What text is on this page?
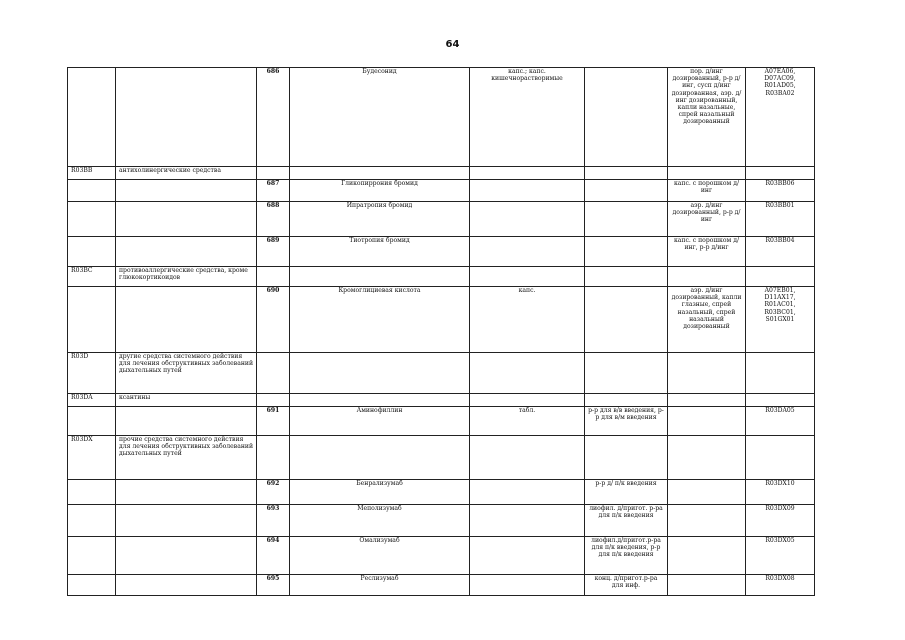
64
		686	Будесонид	капс.; капс. кишечнорастворимые		пор. д/инг дозированный, р-р д/инг, сусп д/инг дозированная, аэр. д/инг дозированный, капли назальные, спрей назальный дозированный	A07EA06, D07AC09, R01AD05, R03BA02
R03BB	антихолинергические средства						
		687	Гликопиррония бромид			капс. с порошком д/инг	R03BB06
		688	Ипратропия бромид			аэр. д/инг дозированный, р-р д/инг	R03BB01
		689	Тиотропия бромид			капс. с порошком д/инг, р-р д/инг	R03BB04
R03BC	противоаллергические средства, кроме глюкокортикоидов						
		690	Кромоглициевая кислота	капс.		аэр. д/инг дозированный, капли глазные, спрей назальный, спрей назальный дозированный	A07EB01, D11AX17, R01AC01, R03BC01, S01GX01
R03D	другие средства системного действия для лечения обструктивных заболеваний дыхательных путей						
R03DA	ксантины						
		691	Аминофиллин	табл.	р-р для в/в введения, р-р для в/м введения		R03DA05
R03DX	прочие средства системного действия для лечения обструктивных заболеваний дыхательных путей						
		692	Бенрализумаб		р-р д/ п/к введения		R03DX10
		693	Меполизумаб		лиофил. д/пригот. р-ра для п/к введения		R03DX09
		694	Омализумаб		лиофил.д/пригот.р-ра для п/к введения, р-р для п/к введения		R03DX05
		695	Реслизумаб		конц. д/пригот.р-ра для инф.		R03DX08
